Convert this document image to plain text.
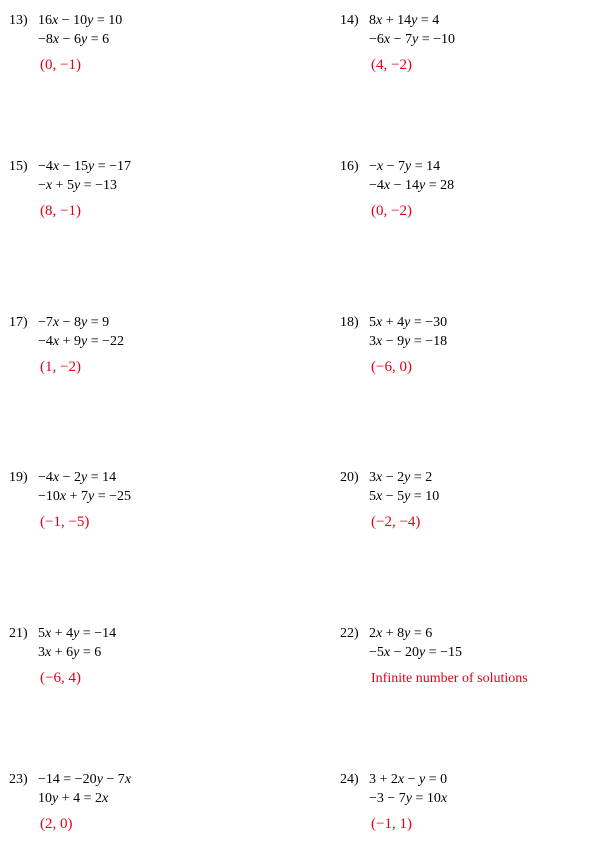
13) 16x − 10y = 10
−8x − 6y = 6
(0, −1)
14) 8x + 14y = 4
−6x − 7y = −10
(4, −2)
15) −4x − 15y = −17
−x + 5y = −13
(8, −1)
16) −x − 7y = 14
−4x − 14y = 28
(0, −2)
17) −7x − 8y = 9
−4x + 9y = −22
(1, −2)
18) 5x + 4y = −30
3x − 9y = −18
(−6, 0)
19) −4x − 2y = 14
−10x + 7y = −25
(−1, −5)
20) 3x − 2y = 2
5x − 5y = 10
(−2, −4)
21) 5x + 4y = −14
3x + 6y = 6
(−6, 4)
22) 2x + 8y = 6
−5x − 20y = −15
Infinite number of solutions
23) −14 = −20y − 7x
10y + 4 = 2x
(2, 0)
24) 3 + 2x − y = 0
−3 − 7y = 10x
(−1, 1)
